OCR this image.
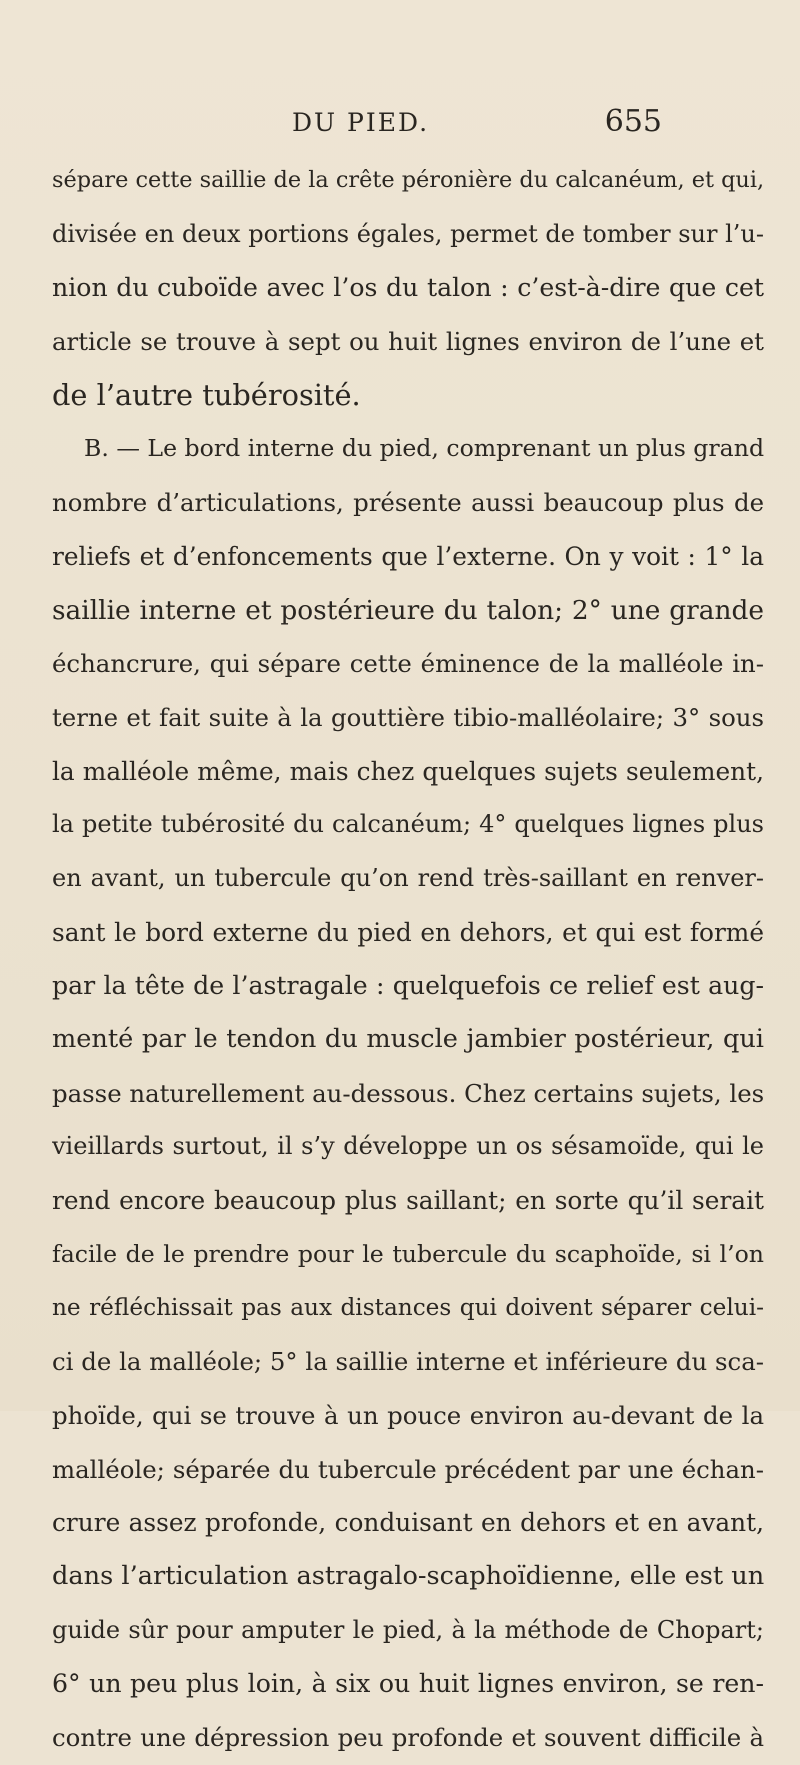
DU PIED.	655
sépare cette saillie de la crête péronière du calcanéum, et qui,
divisée en deux portions égales, permet de tomber sur l’u-
nion du cuboïde avec l’os du talon : c’est-à-dire que cet
article se trouve à sept ou huit lignes environ de l’une et
de l’autre tubérosité.
B. — Le bord interne du pied, comprenant un plus grand
nombre d’articulations, présente aussi beaucoup plus de
reliefs et d’enfoncements que l’externe. On y voit : 1° la
saillie interne et postérieure du talon; 2° une grande
échancrure, qui sépare cette éminence de la malléole in-
terne et fait suite à la gouttière tibio-malléolaire; 3° sous
la malléole même, mais chez quelques sujets seulement,
la petite tubérosité du calcanéum; 4° quelques lignes plus
en avant, un tubercule qu’on rend très-saillant en renver-
sant le bord externe du pied en dehors, et qui est formé
par la tête de l’astragale : quelquefois ce relief est aug-
menté par le tendon du muscle jambier postérieur, qui
passe naturellement au-dessous. Chez certains sujets, les
vieillards surtout, il s’y développe un os sésamoïde, qui le
rend encore beaucoup plus saillant; en sorte qu’il serait
facile de le prendre pour le tubercule du scaphoïde, si l’on
ne réfléchissait pas aux distances qui doivent séparer celui-
ci de la malléole; 5° la saillie interne et inférieure du sca-
phoïde, qui se trouve à un pouce environ au-devant de la
malléole; séparée du tubercule précédent par une échan-
crure assez profonde, conduisant en dehors et en avant,
dans l’articulation astragalo-scaphoïdienne, elle est un
guide sûr pour amputer le pied, à la méthode de Chopart;
6° un peu plus loin, à six ou huit lignes environ, se ren-
contre une dépression peu profonde et souvent difficile à
